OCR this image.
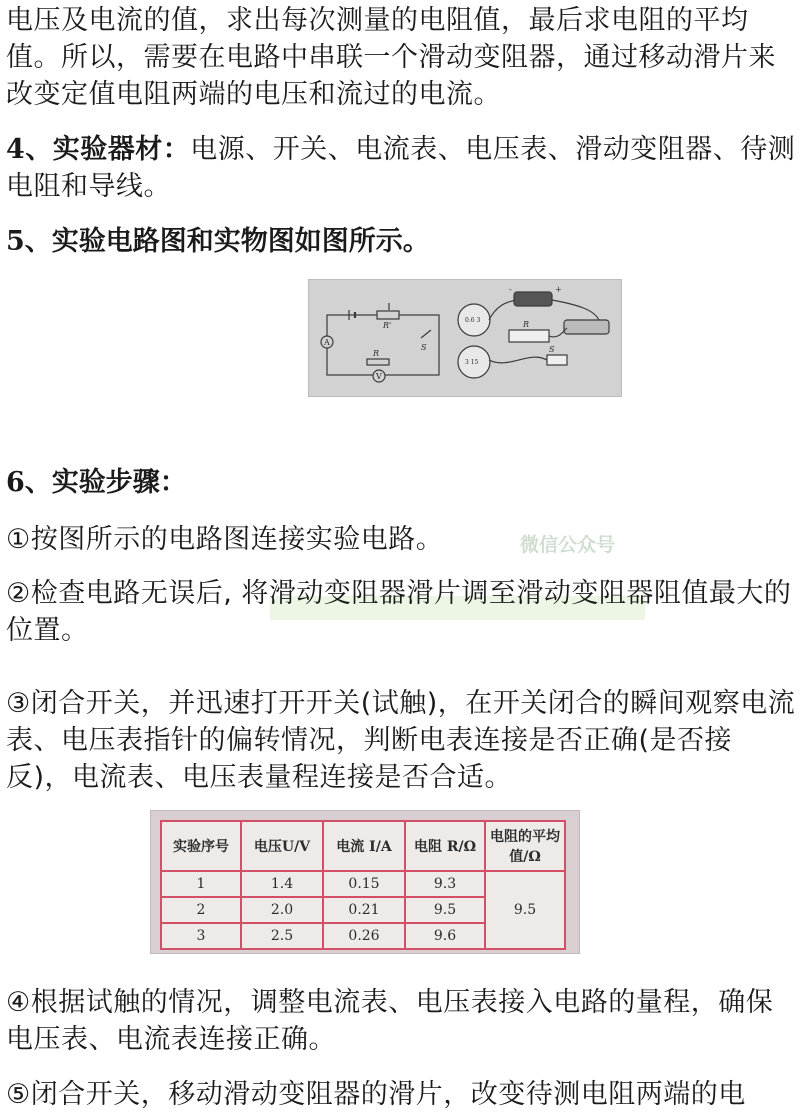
电压及电流的值，求出每次测量的电阻值，最后求电阻的平均值。所以，需要在电路中串联一个滑动变阻器，通过移动滑片来改变定值电阻两端的电压和流过的电流。

4、实验器材：电源、开关、电流表、电压表、滑动变阻器、待测电阻和导线。

5、实验电路图和实物图如图所示。

R'
R
S
A
V
R
S
+
-
0.6 3
3 15

6、实验步骤：

微信公众号

①按图所示的电路图连接实验电路。

②检查电路无误后, 将滑动变阻器滑片调至滑动变阻器阻值最大的位置。

③闭合开关，并迅速打开开关(试触)，在开关闭合的瞬间观察电流表、电压表指针的偏转情况，判断电表连接是否正确(是否接反)，电流表、电压表量程连接是否合适。

实验序号	电压U/V	电流 I/A	电阻 R/Ω	电阻的平均值/Ω
1	1.4	0.15	9.3	9.5
2	2.0	0.21	9.5	
3	2.5	0.26	9.6	

④根据试触的情况，调整电流表、电压表接入电路的量程，确保电压表、电流表连接正确。

⑤闭合开关，移动滑动变阻器的滑片，改变待测电阻两端的电
